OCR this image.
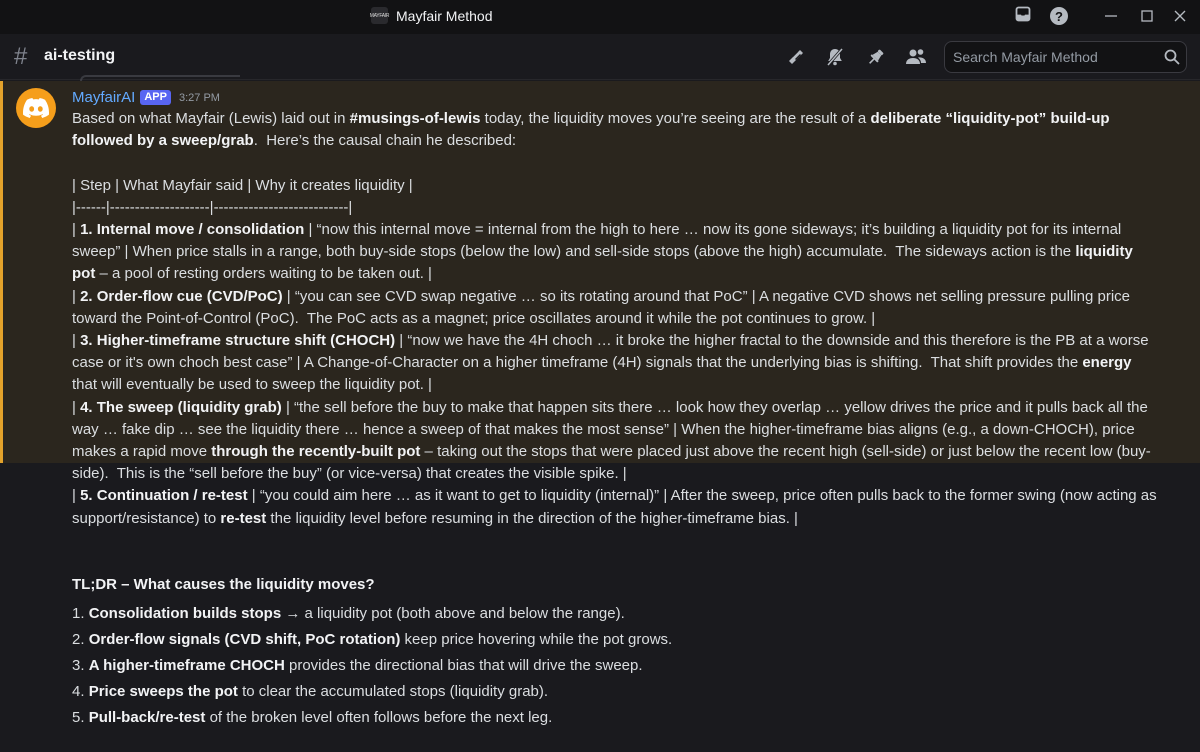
MAYFAIR Mayfair Method	?
# ai-testing
Search Mayfair Method
MayfairAI APP	3:27 PM

Based on what Mayfair (Lewis) laid out in #musings-of-lewis today, the liquidity moves you’re seeing are the result of a deliberate “liquidity-pot” build-up followed by a sweep/grab.  Here’s the causal chain he described:

| Step | What Mayfair said | Why it creates liquidity |

|------|--------------------|---------------------------|

| 1. Internal move / consolidation | “now this internal move = internal from the high to here … now its gone sideways; it’s building a liquidity pot for its internal sweep” | When price stalls in a range, both buy-side stops (below the low) and sell-side stops (above the high) accumulate.  The sideways action is the liquidity pot – a pool of resting orders waiting to be taken out. |

| 2. Order-flow cue (CVD/PoC) | “you can see CVD swap negative … so its rotating around that PoC” | A negative CVD shows net selling pressure pulling price toward the Point-of-Control (PoC).  The PoC acts as a magnet; price oscillates around it while the pot continues to grow. |

| 3. Higher-timeframe structure shift (CHOCH) | “now we have the 4H choch … it broke the higher fractal to the downside and this therefore is the PB at a worse case or it's own choch best case” | A Change-of-Character on a higher timeframe (4H) signals that the underlying bias is shifting.  That shift provides the energy that will eventually be used to sweep the liquidity pot. |

| 4. The sweep (liquidity grab) | “the sell before the buy to make that happen sits there … look how they overlap … yellow drives the price and it pulls back all the way … fake dip … see the liquidity there … hence a sweep of that makes the most sense” | When the higher-timeframe bias aligns (e.g., a down-CHOCH), price makes a rapid move through the recently-built pot – taking out the stops that were placed just above the recent high (sell-side) or just below the recent low (buy-side).  This is the “sell before the buy” (or vice-versa) that creates the visible spike. |

| 5. Continuation / re-test | “you could aim here … as it want to get to liquidity (internal)” | After the sweep, price often pulls back to the former swing (now acting as support/resistance) to re-test the liquidity level before resuming in the direction of the higher-timeframe bias. |

TL;DR – What causes the liquidity moves?

1. Consolidation builds stops → a liquidity pot (both above and below the range).
2. Order-flow signals (CVD shift, PoC rotation) keep price hovering while the pot grows.
3. A higher-timeframe CHOCH provides the directional bias that will drive the sweep.
4. Price sweeps the pot to clear the accumulated stops (liquidity grab).
5. Pull-back/re-test of the broken level often follows before the next leg.
